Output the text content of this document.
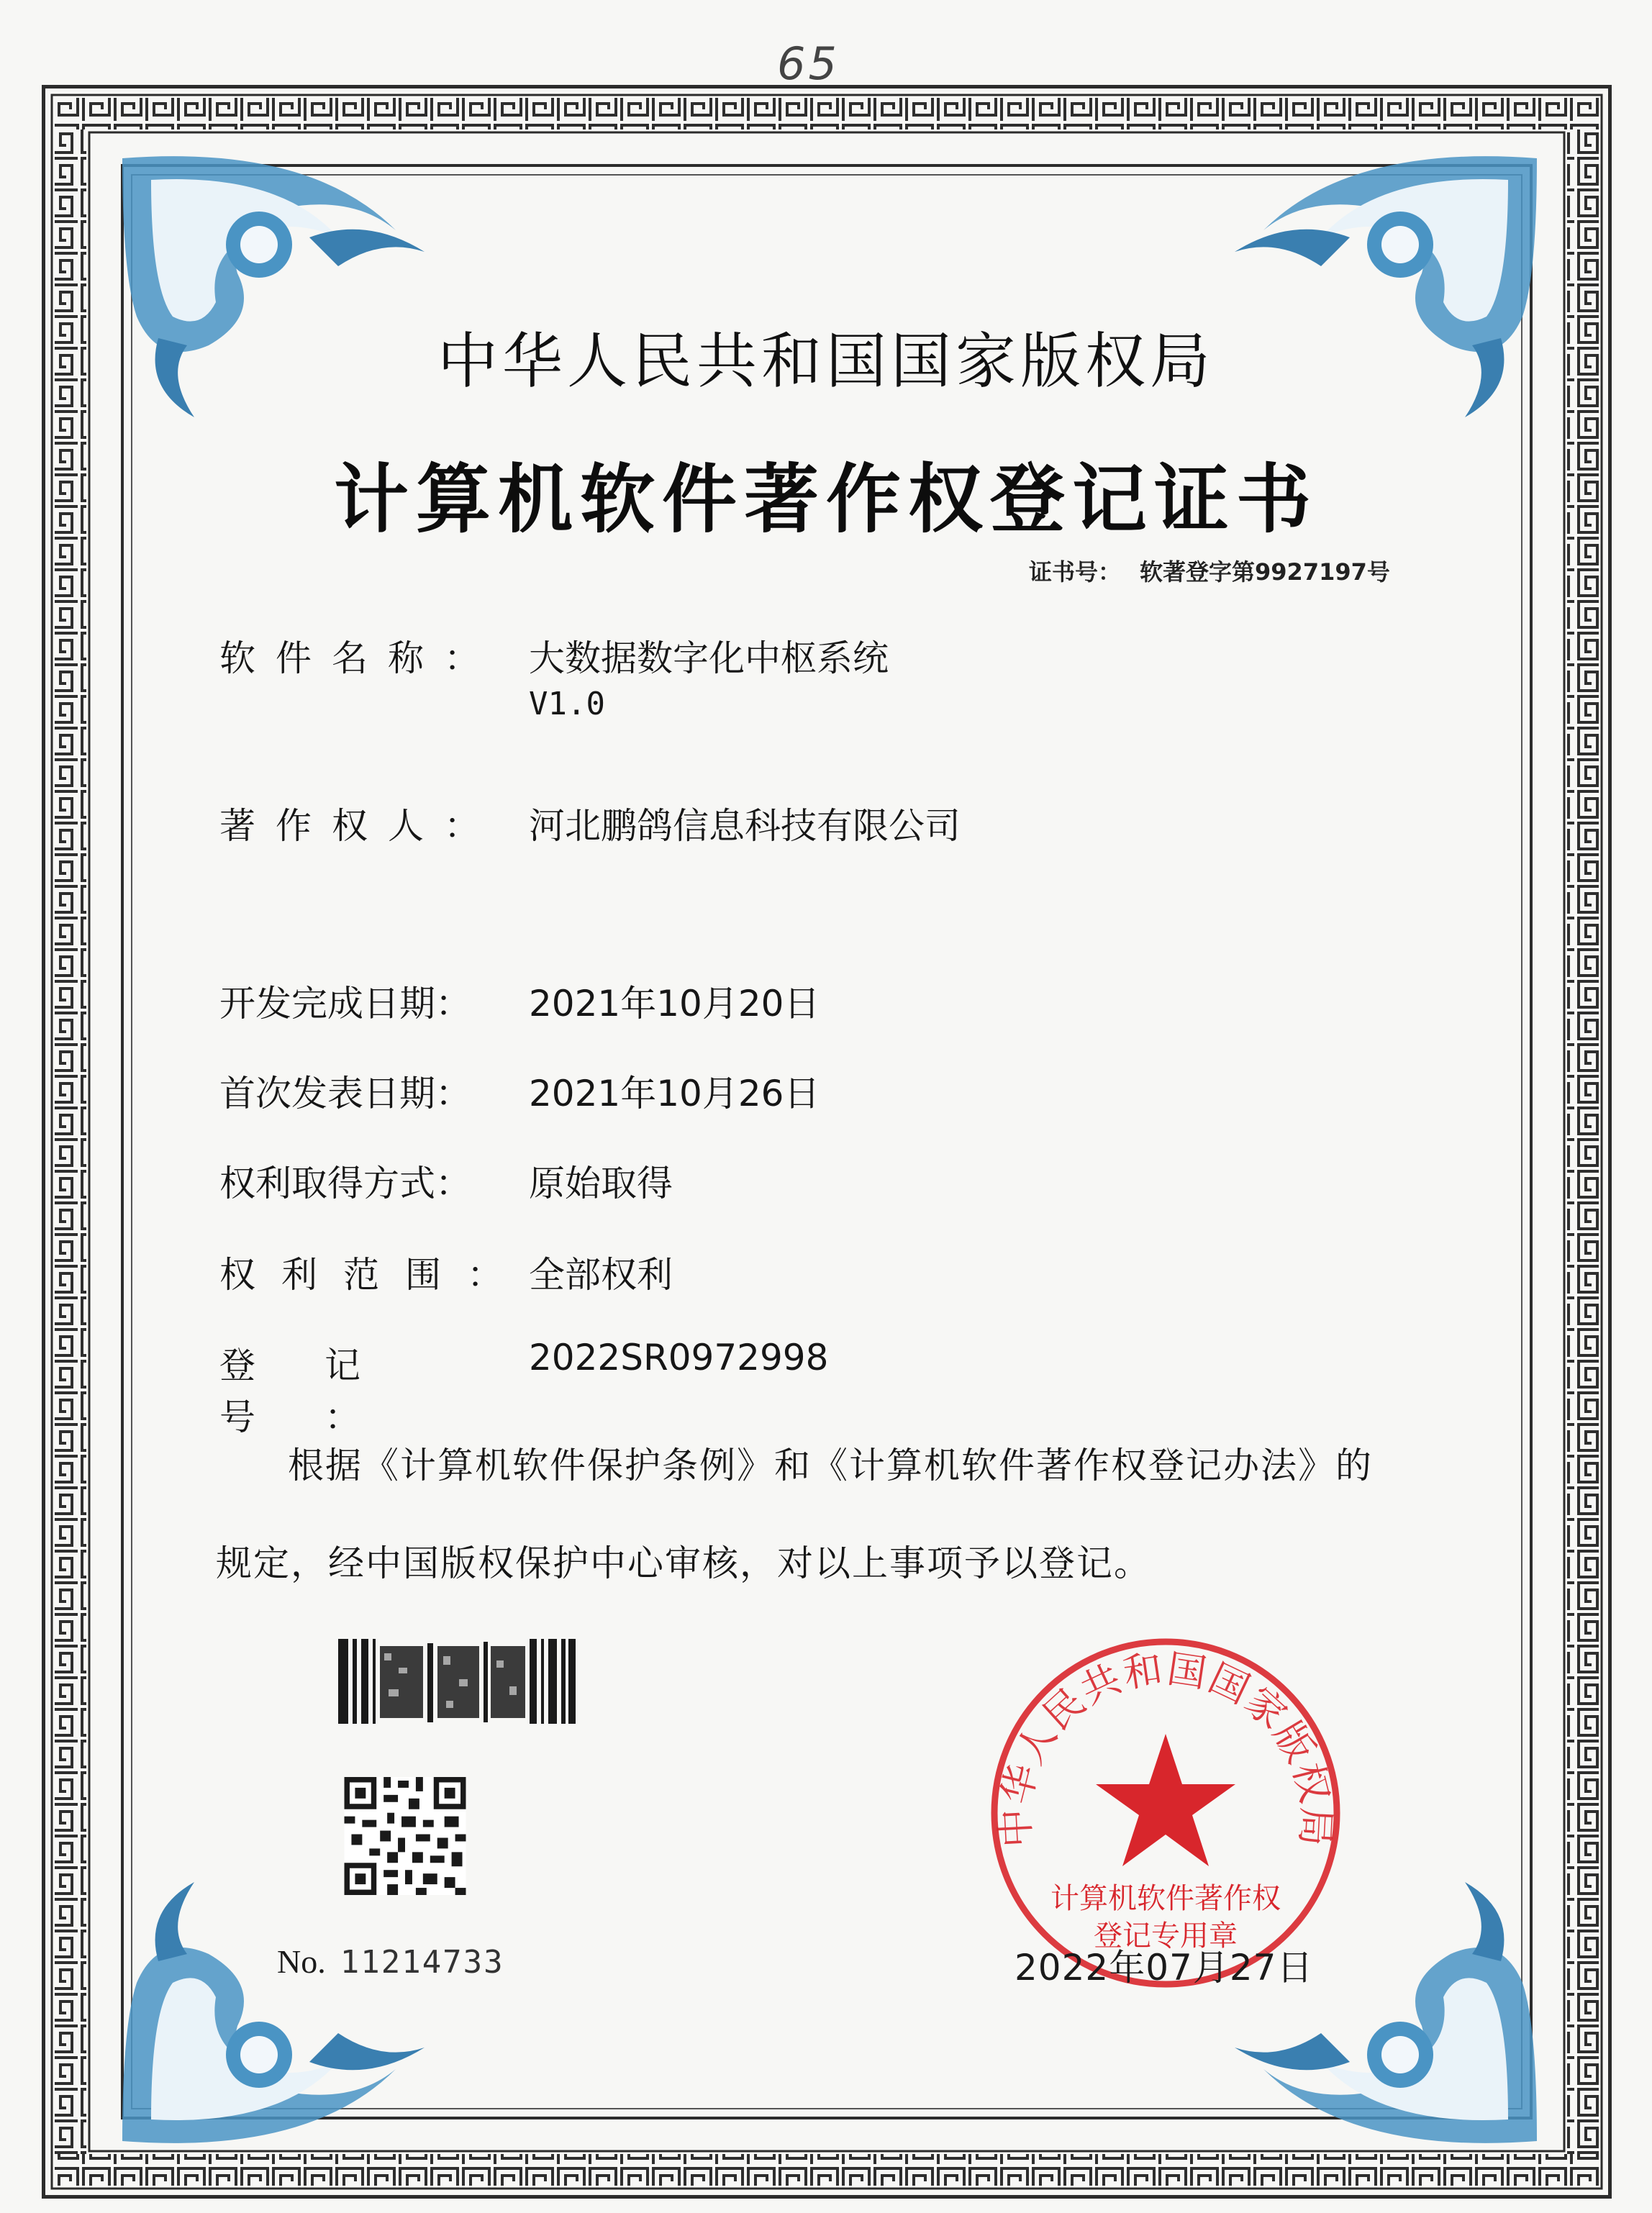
65
中华人民共和国国家版权局
计算机软件著作权登记证书
证书号： 软著登字第9927197号
软件名称： 大数据数字化中枢系统
V1.0
著作权人： 河北鹏鸽信息科技有限公司
开发完成日期： 2021年10月20日
首次发表日期： 2021年10月26日
权利取得方式： 原始取得
权利范围：全部权利
登记号：2022SR0972998
根据《计算机软件保护条例》和《计算机软件著作权登记办法》的
规定，经中国版权保护中心审核，对以上事项予以登记。
No. 11214733
中华人民共和国国家版权局
计算机软件著作权
登记专用章
2022年07月27日
